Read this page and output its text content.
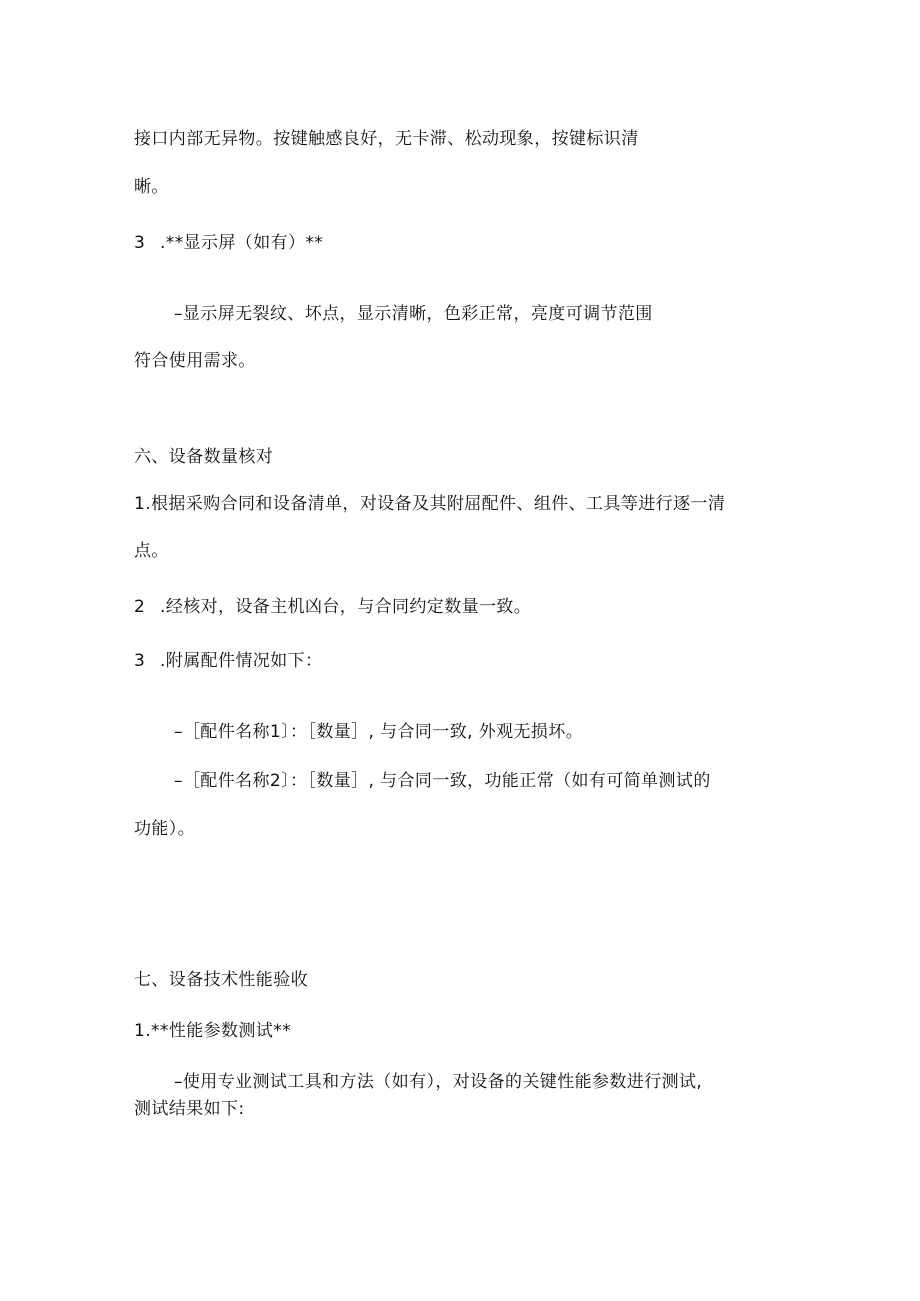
接口内部无异物。按键触感良好，无卡滞、松动现象，按键标识清

晰。

3 .**显示屏（如有）**

–显示屏无裂纹、坏点，显示清晰，色彩正常，亮度可调节范围

符合使用需求。

六、设备数量核对

1.根据采购合同和设备清单，对设备及其附屈配件、组件、工具等进行逐一清

点。

2 .经核对，设备主机凶台，与合同约定数量一致。

3 .附属配件情况如下：

–［配件名称1〕：［数量］, 与合同一致, 外观无损坏。

–［配件名称2〕：［数量］, 与合同一致，功能正常（如有可简单测试的

功能）。

七、设备技术性能验收

1.**性能参数测试**

–使用专业测试工具和方法（如有），对设备的关键性能参数进行测试,

测试结果如下:
